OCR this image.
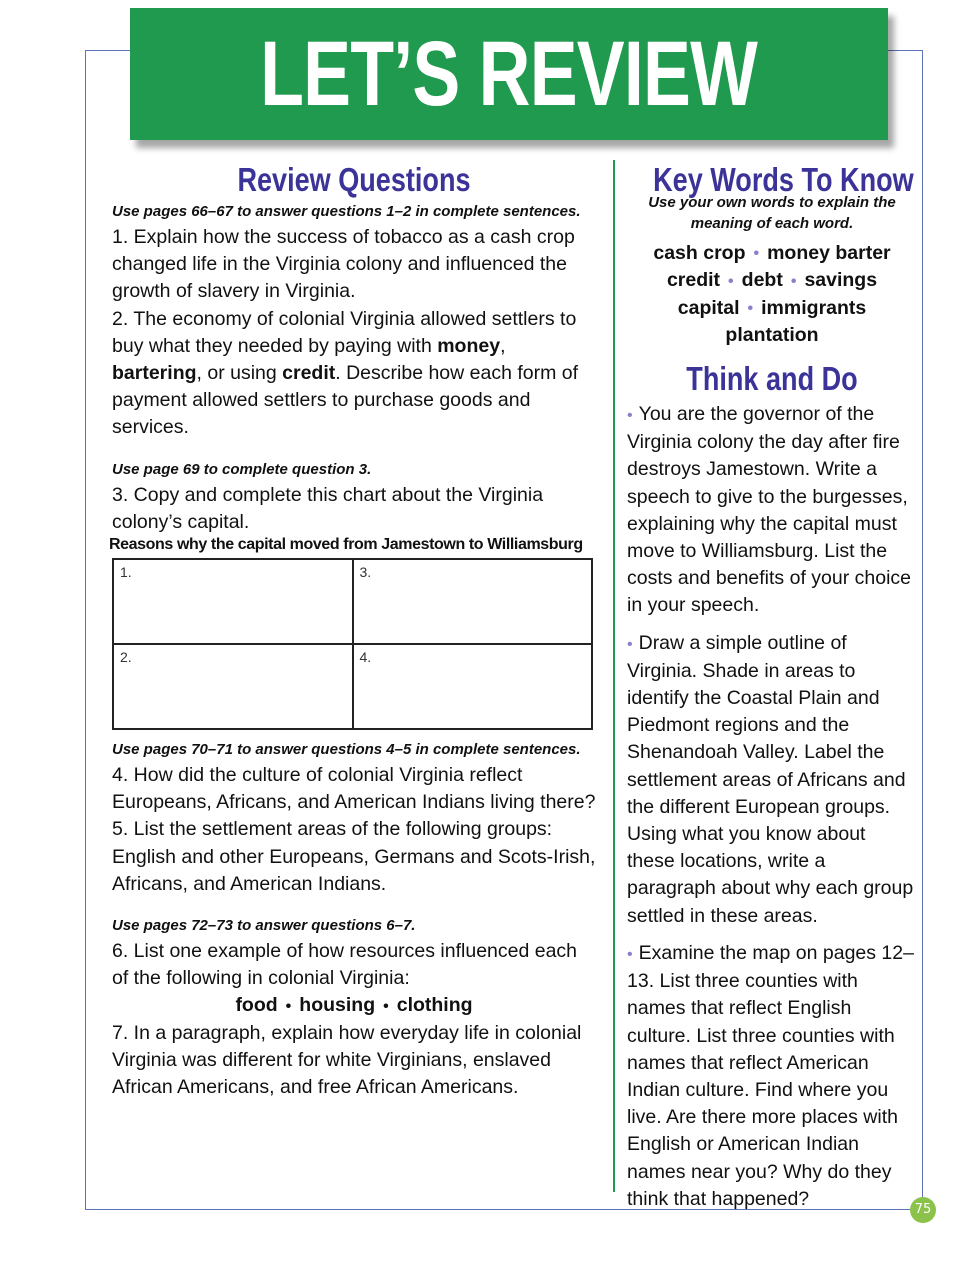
LET’S REVIEW
Review Questions
Use pages 66–67 to answer questions 1–2 in complete sentences.
1. Explain how the success of tobacco as a cash crop changed life in the Virginia colony and influenced the growth of slavery in Virginia.
2. The economy of colonial Virginia allowed settlers to buy what they needed by paying with money, bartering, or using credit. Describe how each form of payment allowed settlers to purchase goods and services.
Use page 69 to complete question 3.
3. Copy and complete this chart about the Virginia colony’s capital.
Reasons why the capital moved from Jamestown to Williamsburg
1.	3.
2.	4.
Use pages 70–71 to answer questions 4–5 in complete sentences.
4. How did the culture of colonial Virginia reflect Europeans, Africans, and American Indians living there?
5. List the settlement areas of the following groups: English and other Europeans, Germans and Scots-Irish, Africans, and American Indians.
Use pages 72–73 to answer questions 6–7.
6. List one example of how resources influenced each of the following in colonial Virginia:
food • housing • clothing
7. In a paragraph, explain how everyday life in colonial Virginia was different for white Virginians, enslaved African Americans, and free African Americans.
Key Words To Know
Use your own words to explain the meaning of each word.
cash crop • money barter
credit • debt • savings
capital • immigrants
plantation
Think and Do
• You are the governor of the Virginia colony the day after fire destroys Jamestown. Write a speech to give to the burgesses, explaining why the capital must move to Williamsburg. List the costs and benefits of your choice in your speech.
• Draw a simple outline of Virginia. Shade in areas to identify the Coastal Plain and Piedmont regions and the Shenandoah Valley. Label the settlement areas of Africans and the different European groups. Using what you know about these locations, write a paragraph about why each group settled in these areas.
• Examine the map on pages 12–13. List three counties with names that reflect English culture. List three counties with names that reflect American Indian culture. Find where you live. Are there more places with English or American Indian names near you? Why do they think that happened?	75
